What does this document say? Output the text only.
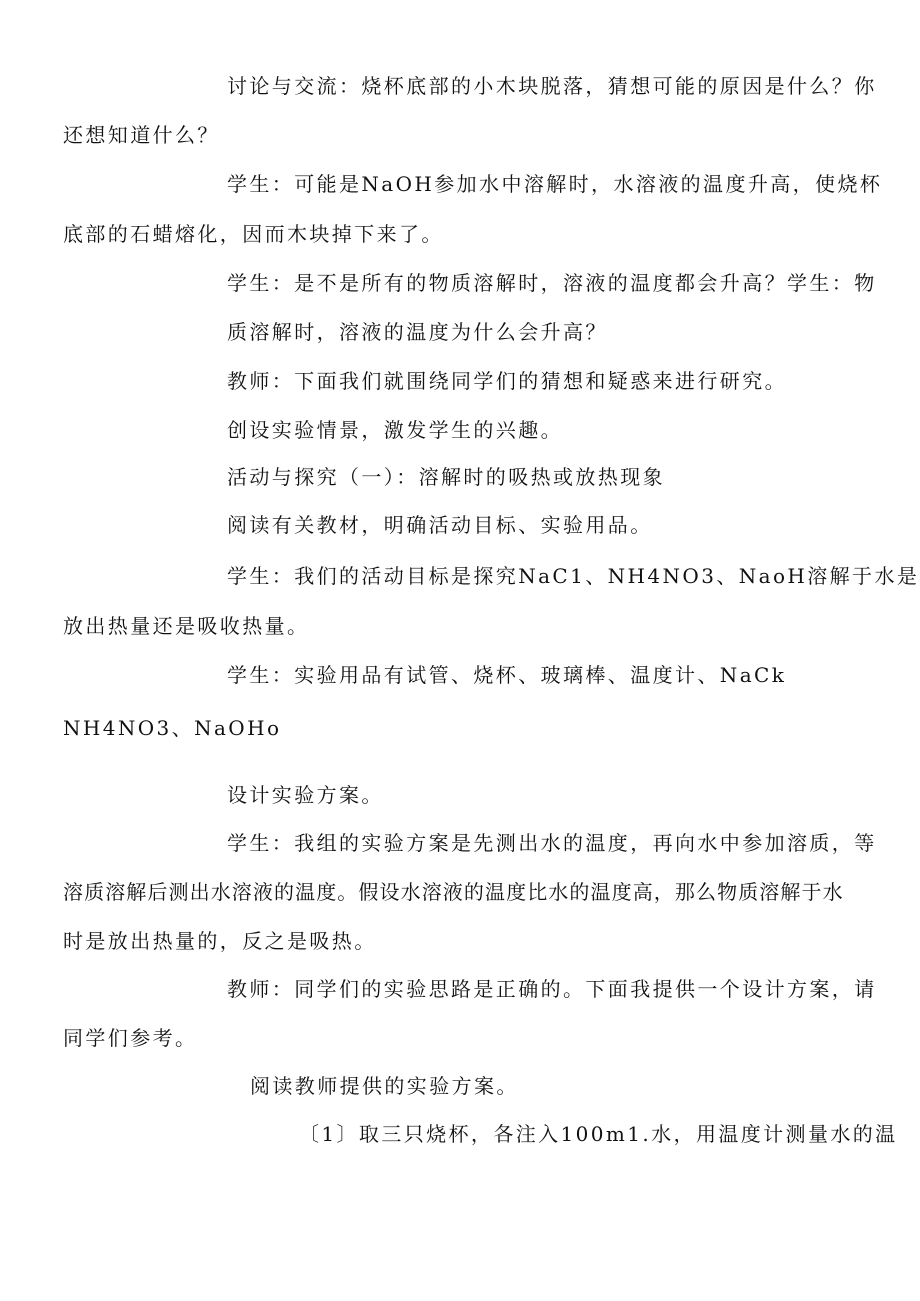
讨论与交流：烧杯底部的小木块脱落，猜想可能的原因是什么？你
还想知道什么？
学生：可能是NaOH参加水中溶解时，水溶液的温度升高，使烧杯
底部的石蜡熔化，因而木块掉下来了。
学生：是不是所有的物质溶解时，溶液的温度都会升高？学生：物
质溶解时，溶液的温度为什么会升高？
教师：下面我们就围绕同学们的猜想和疑惑来进行研究。
创设实验情景，激发学生的兴趣。
活动与探究（一）：溶解时的吸热或放热现象
阅读有关教材，明确活动目标、实验用品。
学生：我们的活动目标是探究NaC1、NH4NO3、NaoH溶解于水是
放出热量还是吸收热量。
学生：实验用品有试管、烧杯、玻璃棒、温度计、NaCk
NH4NO3、NaOHo
设计实验方案。
学生：我组的实验方案是先测出水的温度，再向水中参加溶质，等
溶质溶解后测出水溶液的温度。假设水溶液的温度比水的温度高，那么物质溶解于水
时是放出热量的，反之是吸热。
教师：同学们的实验思路是正确的。下面我提供一个设计方案，请
同学们参考。
阅读教师提供的实验方案。
〔1〕取三只烧杯，各注入100m1.水，用温度计测量水的温
